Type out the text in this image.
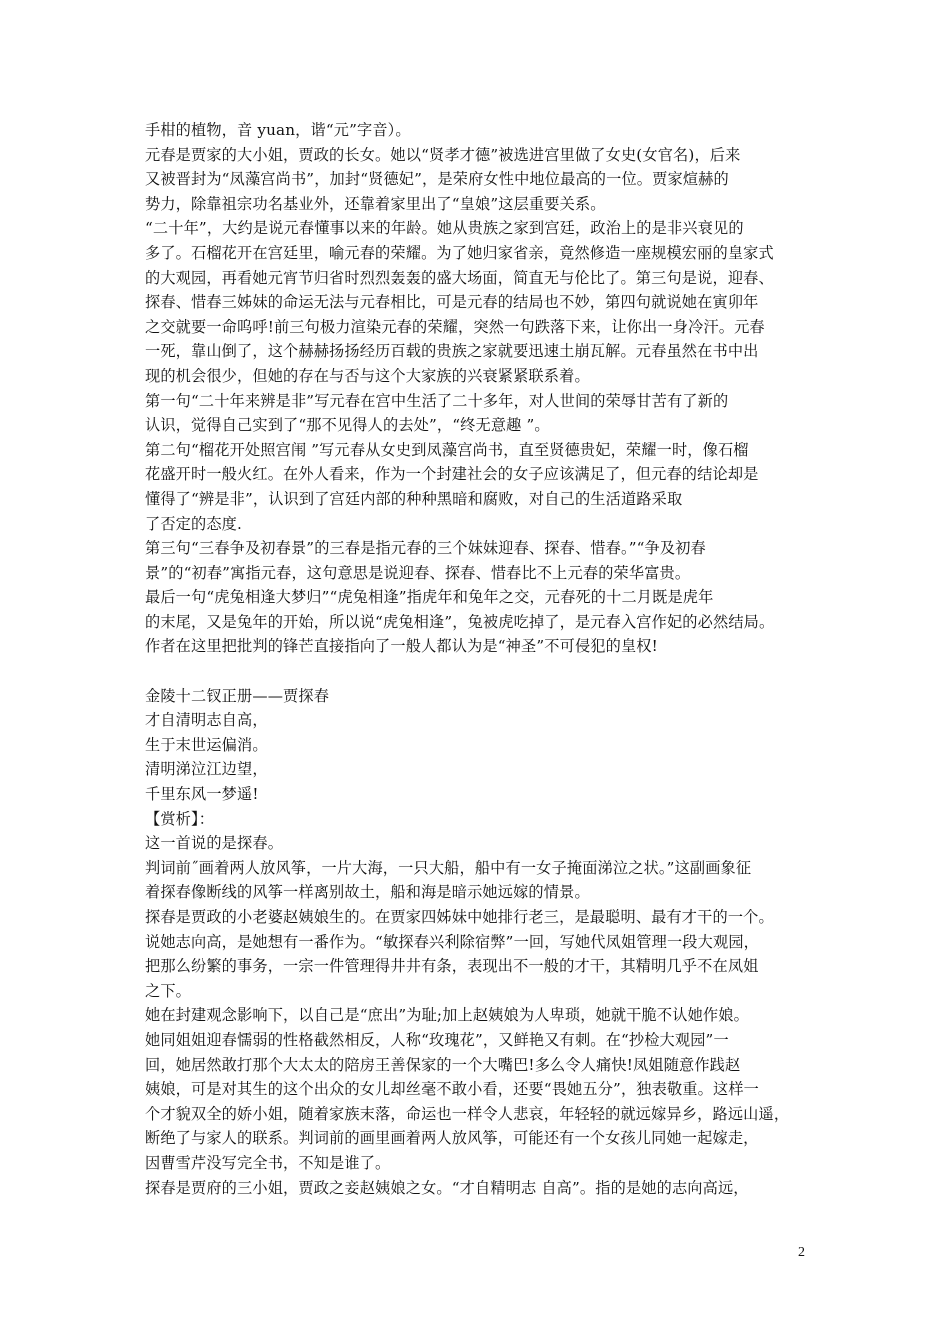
手柑的植物，音 yuan，谐“元”字音）。
元春是贾家的大小姐，贾政的长女。她以“贤孝才德”被选进宫里做了女史(女官名)，后来
又被晋封为“凤藻宫尚书”，加封“贤德妃”，是荣府女性中地位最高的一位。贾家煊赫的
势力，除靠祖宗功名基业外，还靠着家里出了“皇娘”这层重要关系。
“二十年”，大约是说元春懂事以来的年龄。她从贵族之家到宫廷，政治上的是非兴衰见的
多了。石榴花开在宫廷里，喻元春的荣耀。为了她归家省亲，竟然修造一座规模宏丽的皇家式
的大观园，再看她元宵节归省时烈烈轰轰的盛大场面，简直无与伦比了。第三句是说，迎春、
探春、惜春三姊妹的命运无法与元春相比，可是元春的结局也不妙，第四句就说她在寅卯年
之交就要一命呜呼!前三句极力渲染元春的荣耀，突然一句跌落下来，让你出一身冷汗。元春
一死，靠山倒了，这个赫赫扬扬经历百载的贵族之家就要迅速土崩瓦解。元春虽然在书中出
现的机会很少，但她的存在与否与这个大家族的兴衰紧紧联系着。
第一句“二十年来辨是非”写元春在宫中生活了二十多年，对人世间的荣辱甘苦有了新的
认识，觉得自己实到了“那不见得人的去处”，“终无意趣 ”。
第二句“榴花开处照宫闱 ”写元春从女史到凤藻宫尚书，直至贤德贵妃，荣耀一时，像石榴
花盛开时一般火红。在外人看来，作为一个封建社会的女子应该满足了，但元春的结论却是
懂得了“辨是非”，认识到了宫廷内部的种种黑暗和腐败，对自己的生活道路采取
了否定的态度.
第三句“三春争及初春景”的三春是指元春的三个妹妹迎春、探春、惜春。”“争及初春
景”的“初春”寓指元春，这句意思是说迎春、探春、惜春比不上元春的荣华富贵。
最后一句“虎兔相逢大梦归”“虎兔相逢”指虎年和兔年之交，元春死的十二月既是虎年
的末尾，又是兔年的开始，所以说“虎兔相逢”，兔被虎吃掉了，是元春入宫作妃的必然结局。
作者在这里把批判的锋芒直接指向了一般人都认为是“神圣”不可侵犯的皇权!
金陵十二钗正册——贾探春
才自清明志自高，
生于末世运偏消。
清明涕泣江边望，
千里东风一梦遥!
【赏析】：
这一首说的是探春。
判词前˝画着两人放风筝，一片大海，一只大船，船中有一女子掩面涕泣之状。”这副画象征
着探春像断线的风筝一样离别故土，船和海是暗示她远嫁的情景。
探春是贾政的小老婆赵姨娘生的。在贾家四姊妹中她排行老三，是最聪明、最有才干的一个。
说她志向高，是她想有一番作为。“敏探春兴利除宿弊”一回，写她代凤姐管理一段大观园，
把那么纷繁的事务，一宗一件管理得井井有条，表现出不一般的才干，其精明几乎不在凤姐
之下。
她在封建观念影响下，以自己是“庶出”为耻;加上赵姨娘为人卑琐，她就干脆不认她作娘。
她同姐姐迎春懦弱的性格截然相反，人称“玫瑰花”，又鲜艳又有刺。在“抄检大观园”一
回，她居然敢打那个大太太的陪房王善保家的一个大嘴巴!多么令人痛快!凤姐随意作践赵
姨娘，可是对其生的这个出众的女儿却丝毫不敢小看，还要“畏她五分”，独表敬重。这样一
个才貌双全的娇小姐，随着家族末落，命运也一样令人悲哀，年轻轻的就远嫁异乡，路远山遥，
断绝了与家人的联系。判词前的画里画着两人放风筝，可能还有一个女孩儿同她一起嫁走，
因曹雪芹没写完全书，不知是谁了。
探春是贾府的三小姐，贾政之妾赵姨娘之女。“才自精明志 自高”。指的是她的志向高远，
2
